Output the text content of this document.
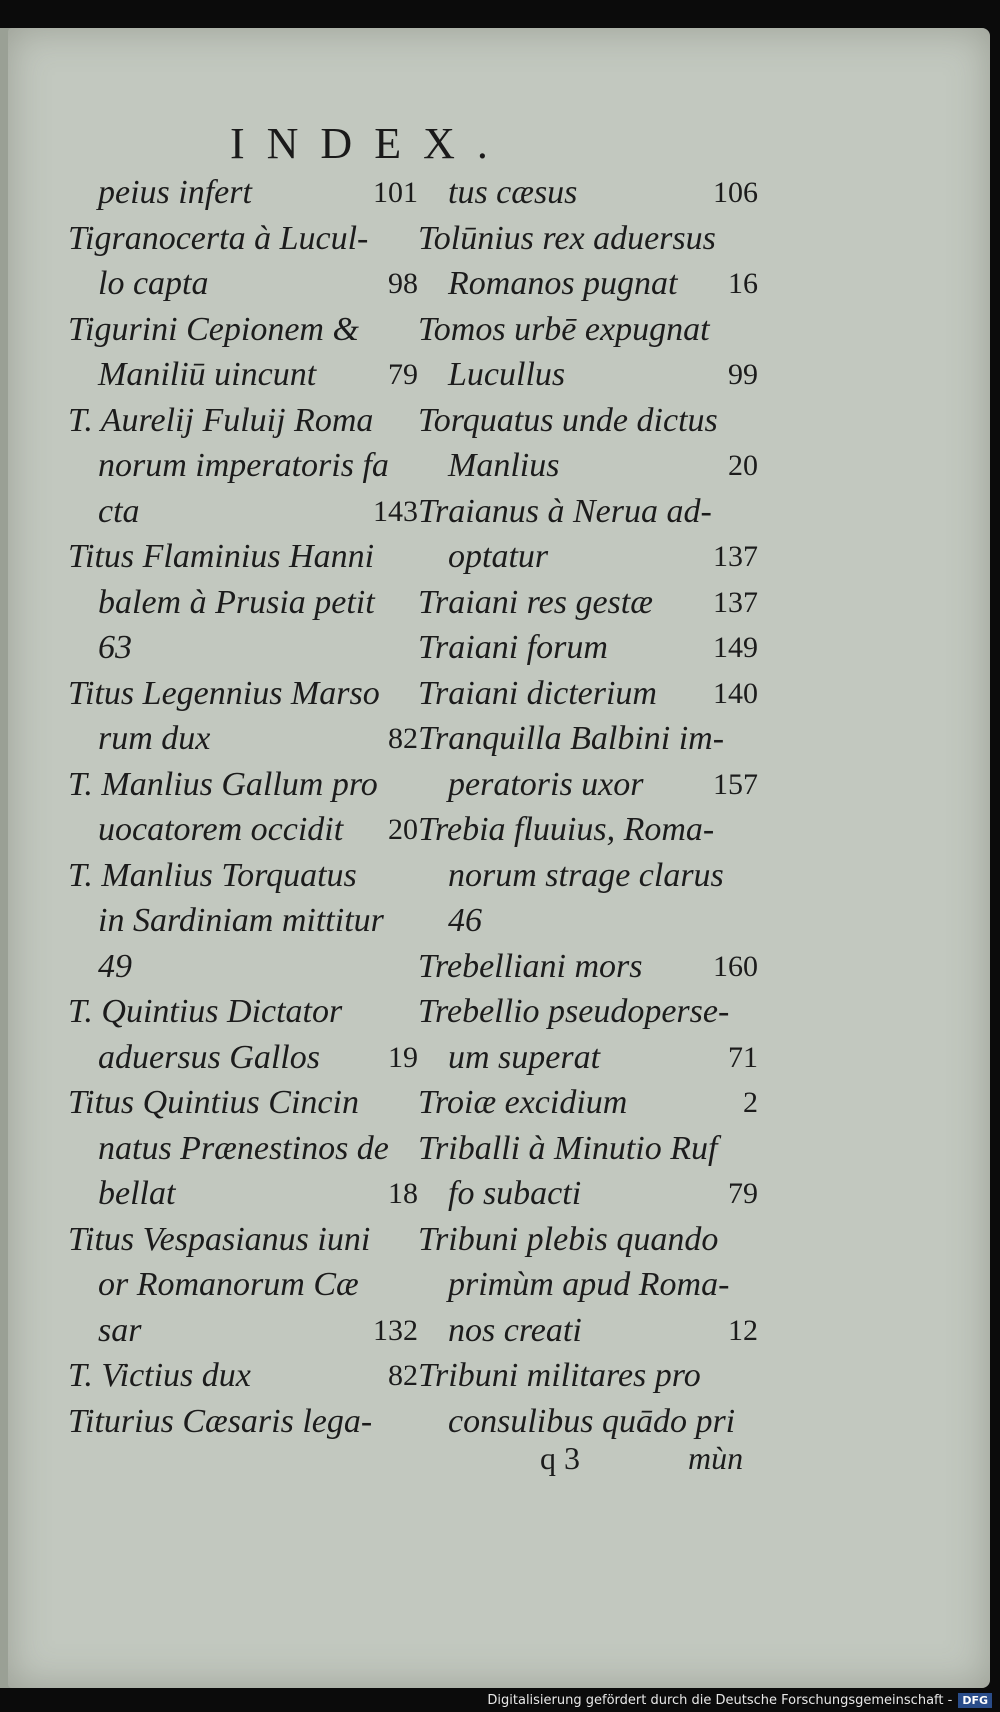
INDEX.
peius infert	101
Tigranocerta à Lucul-
lo capta	98
Tigurini Cepionem &
Maniliū uincunt 79
T. Aurelij Fuluij Roma
norum imperatoris fa
cta	143
Titus Flaminius Hanni
balem à Prusia petit
63
Titus Legennius Marso
rum dux	82
T. Manlius Gallum pro
uocatorem occidit 20
T. Manlius Torquatus
in Sardiniam mittitur
49
T. Quintius Dictator
aduersus Gallos 19
Titus Quintius Cincin
natus Prænestinos de
bellat	18
Titus Vespasianus iuni
or Romanorum Cæ
sar	132
T. Victius dux	82
Titurius Cæsaris lega-
tus cæsus	106
Tolūnius rex aduersus
Romanos pugnat 16
Tomos urbē expugnat
Lucullus	99
Torquatus unde dictus
Manlius	20
Traianus à Nerua ad-
optatur	137
Traiani res gestæ 137
Traiani forum	149
Traiani dicterium 140
Tranquilla Balbini im-
peratoris uxor 157
Trebia fluuius, Roma-
norum strage clarus
46
Trebelliani mors 160
Trebellio pseudoperse-
um superat	71
Troiæ excidium	2
Triballi à Minutio Ruf
fo subacti	79
Tribuni plebis quando
primùm apud Roma-
nos creati	12
Tribuni militares pro
consulibus quādo pri
q 3	mùn
Digitalisierung gefördert durch die Deutsche Forschungsgemeinschaft - DFG
